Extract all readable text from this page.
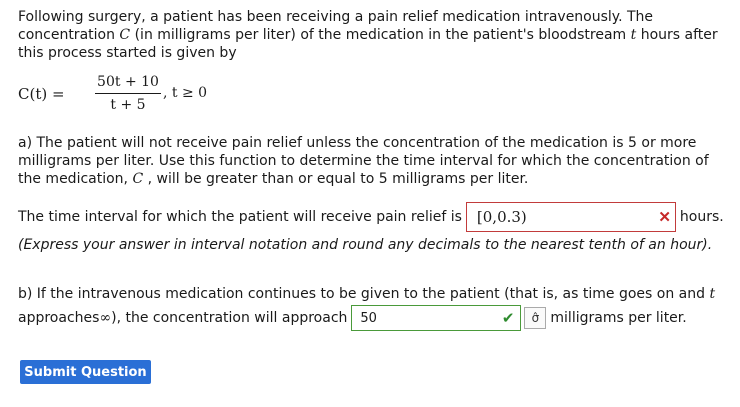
Following surgery, a patient has been receiving a pain relief medication intravenously. The concentration C (in milligrams per liter) of the medication in the patient's bloodstream t hours after this process started is given by

C(t) =
50t + 10
t + 5
, t ≥ 0

a) The patient will not receive pain relief unless the concentration of the medication is 5 or more milligrams per liter. Use this function to determine the time interval for which the concentration of the medication, C , will be greater than or equal to 5 milligrams per liter.

The time interval for which the patient will receive pain relief is [0,0.3)	✕ hours.

(Express your answer in interval notation and round any decimals to the nearest tenth of an hour).

b) If the intravenous medication continues to be given to the patient (that is, as time goes on and t

approaches ∞ ), the concentration will approach 50	✔	σ̂ milligrams per liter.
Submit Question
